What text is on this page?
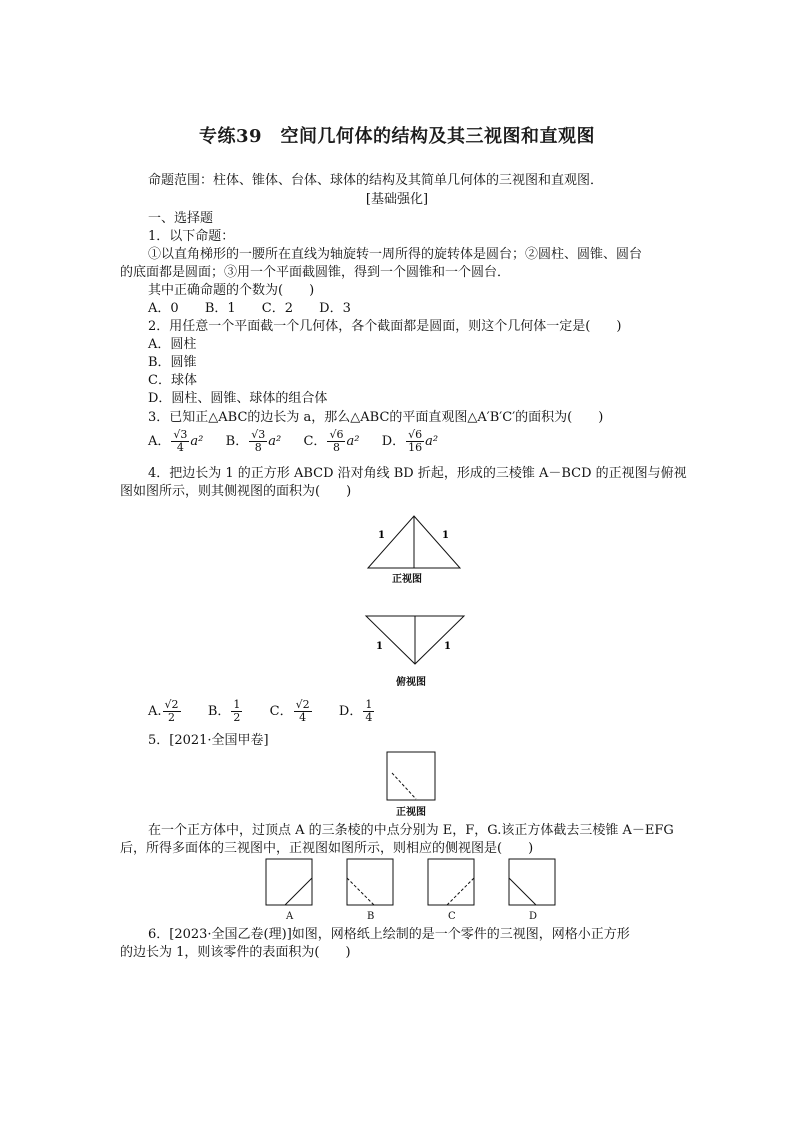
专练39　空间几何体的结构及其三视图和直观图
命题范围：柱体、锥体、台体、球体的结构及其简单几何体的三视图和直观图．
[基础强化]
一、选择题
1．以下命题：
①以直角梯形的一腰所在直线为轴旋转一周所得的旋转体是圆台；②圆柱、圆锥、圆台
的底面都是圆面；③用一个平面截圆锥，得到一个圆锥和一个圆台．
其中正确命题的个数为(　　)
A．0 B．1 C．2 D．3
2．用任意一个平面截一个几何体，各个截面都是圆面，则这个几何体一定是(　　)
A．圆柱
B．圆锥
C．球体
D．圆柱、圆锥、球体的组合体
3．已知正△ABC的边长为 a，那么△ABC的平面直观图△A′B′C′的面积为(　　)
A． $\frac{√3}{4} a^2$ B． $\frac{√3}{8} a^2$ C． $\frac{√6}{8} a^2$ D． $\frac{√6}{16} a^2$
4．把边长为 1 的正方形 ABCD 沿对角线 BD 折起，形成的三棱锥 A－BCD 的正视图与俯视
图如图所示，则其侧视图的面积为(　　)
1	1
正视图
1	1
俯视图
A. $\frac{√2}{2}$ B． $\frac{1}{2}$ C． $\frac{√2}{4}$ D． $\frac{1}{4}$
5．[2021·全国甲卷]
正视图
在一个正方体中，过顶点 A 的三条棱的中点分别为 E，F，G.该正方体截去三棱锥 A－EFG
后，所得多面体的三视图中，正视图如图所示，则相应的侧视图是(　　)
A	B	C	D
6．[2023·全国乙卷(理)]如图，网格纸上绘制的是一个零件的三视图，网格小正方形
的边长为 1，则该零件的表面积为(　　)
